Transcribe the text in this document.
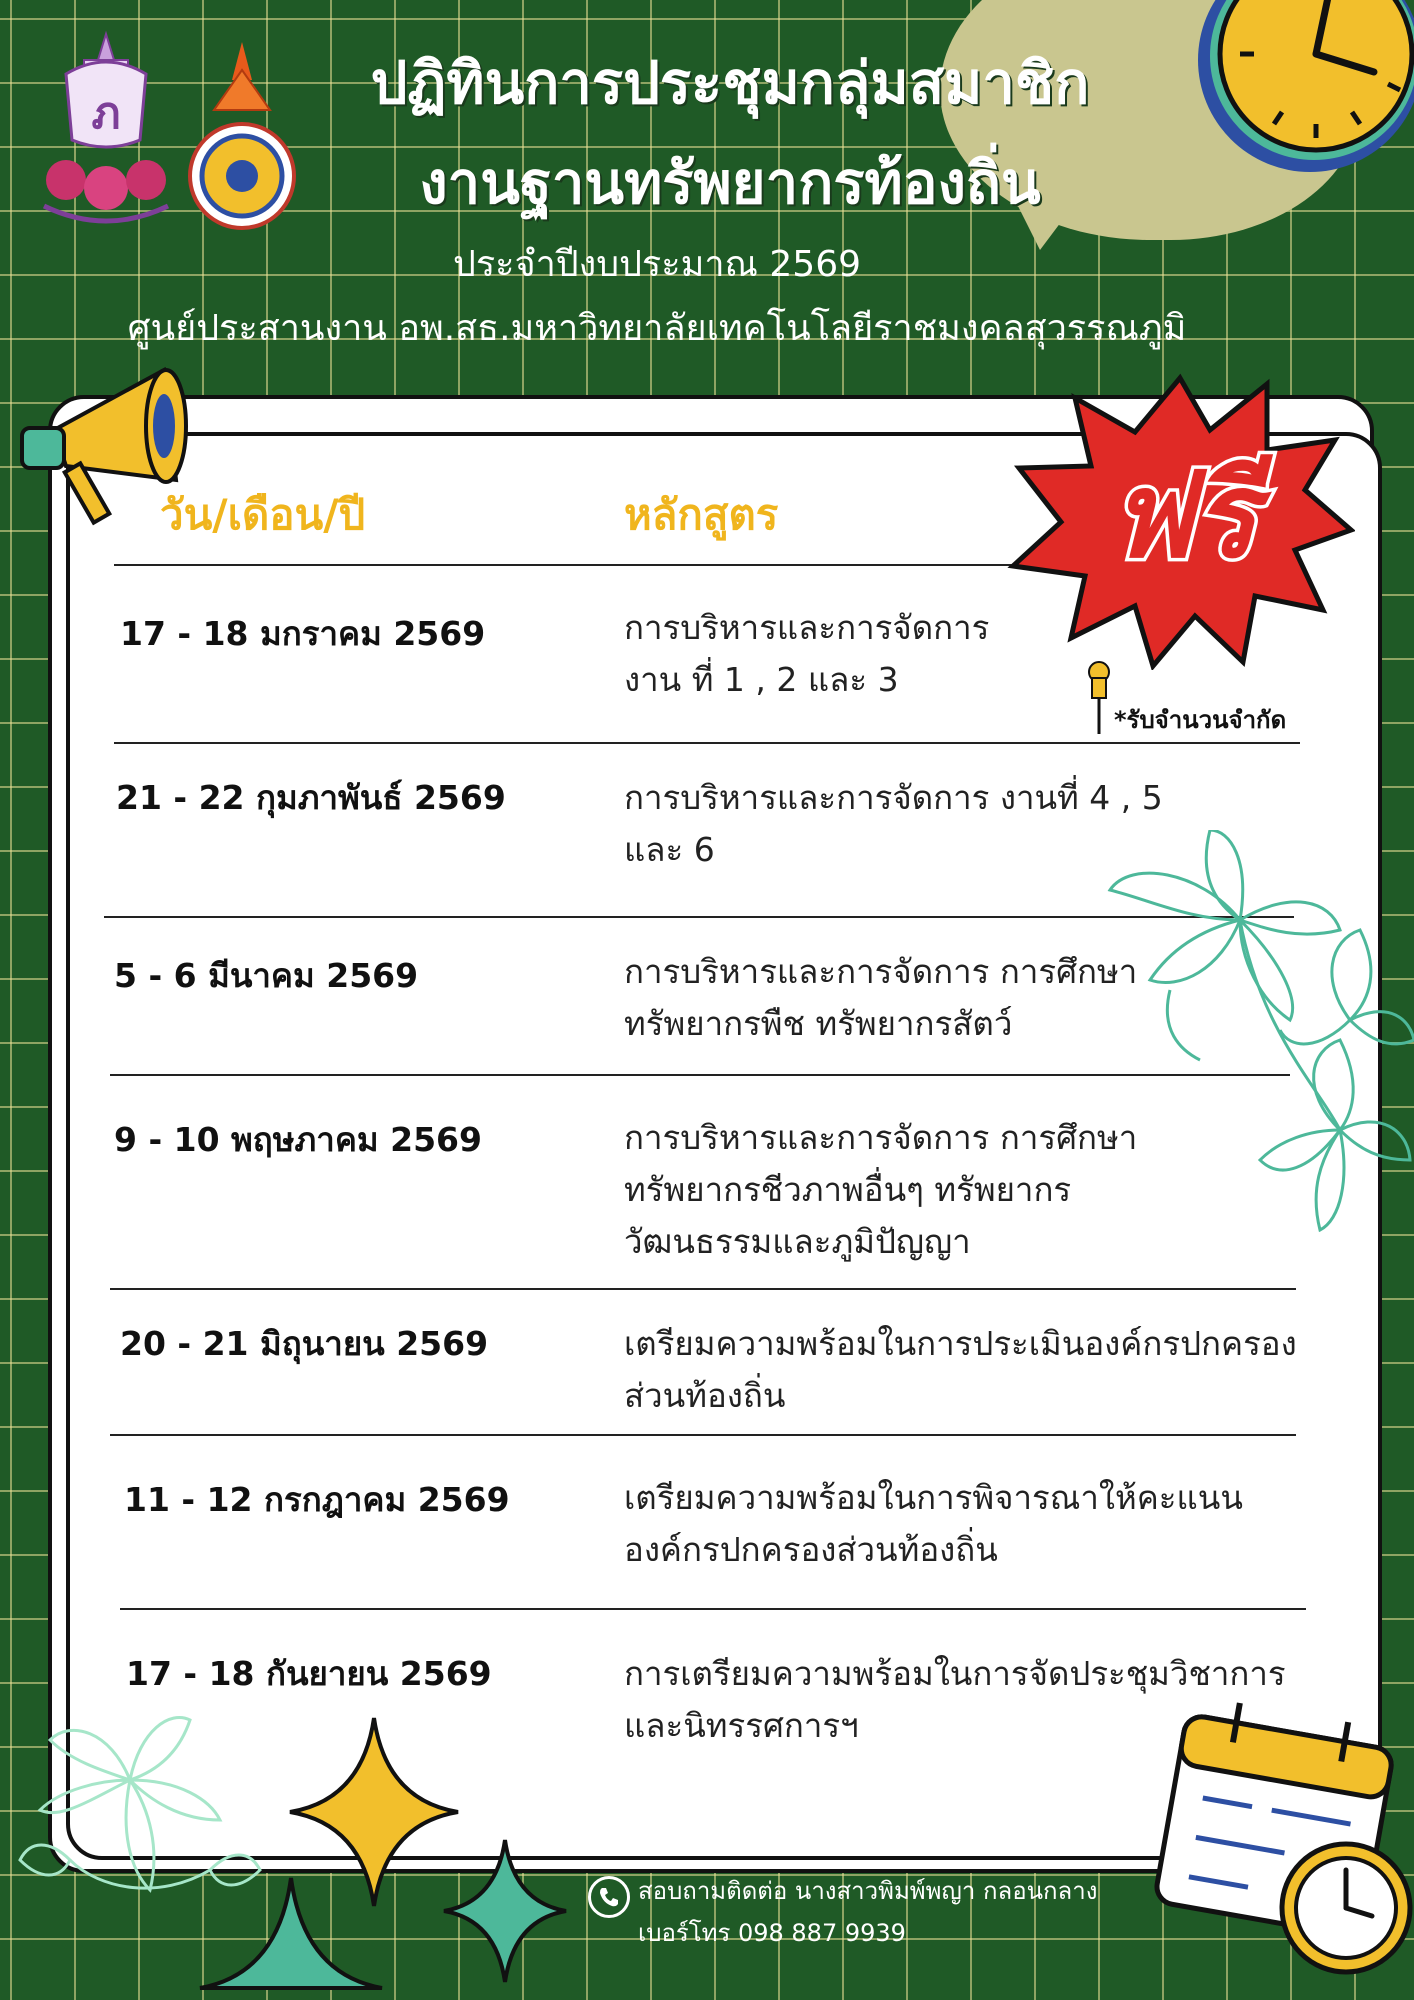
ภ	ปฏิทินการประชุมกลุ่มสมาชิก
งานฐานทรัพยากรท้องถิ่น
ประจำปีงบประมาณ 2569
ศูนย์ประสานงาน อพ.สธ.มหาวิทยาลัยเทคโนโลยีราชมงคลสุวรรณภูมิ
วัน/เดือน/ปี	หลักสูตร
17 - 18 มกราคม 2569	การบริหารและการจัดการ
งาน ที่ 1 , 2 และ 3
21 - 22 กุมภาพันธ์ 2569	การบริหารและการจัดการ งานที่ 4 , 5
และ 6
5 - 6 มีนาคม 2569	การบริหารและการจัดการ การศึกษา
ทรัพยากรพืช ทรัพยากรสัตว์
9 - 10 พฤษภาคม 2569	การบริหารและการจัดการ การศึกษา
ทรัพยากรชีวภาพอื่นๆ ทรัพยากร
วัฒนธรรมและภูมิปัญญา
20 - 21 มิถุนายน 2569	เตรียมความพร้อมในการประเมินองค์กรปกครอง
ส่วนท้องถิ่น
11 - 12 กรกฎาคม 2569	เตรียมความพร้อมในการพิจารณาให้คะแนน
องค์กรปกครองส่วนท้องถิ่น
17 - 18 กันยายน 2569	การเตรียมความพร้อมในการจัดประชุมวิชาการ
และนิทรรศการฯ
ฟรี
*รับจำนวนจำกัด
สอบถามติดต่อ นางสาวพิมพ์พญา กลอนกลาง
เบอร์โทร 098 887 9939
